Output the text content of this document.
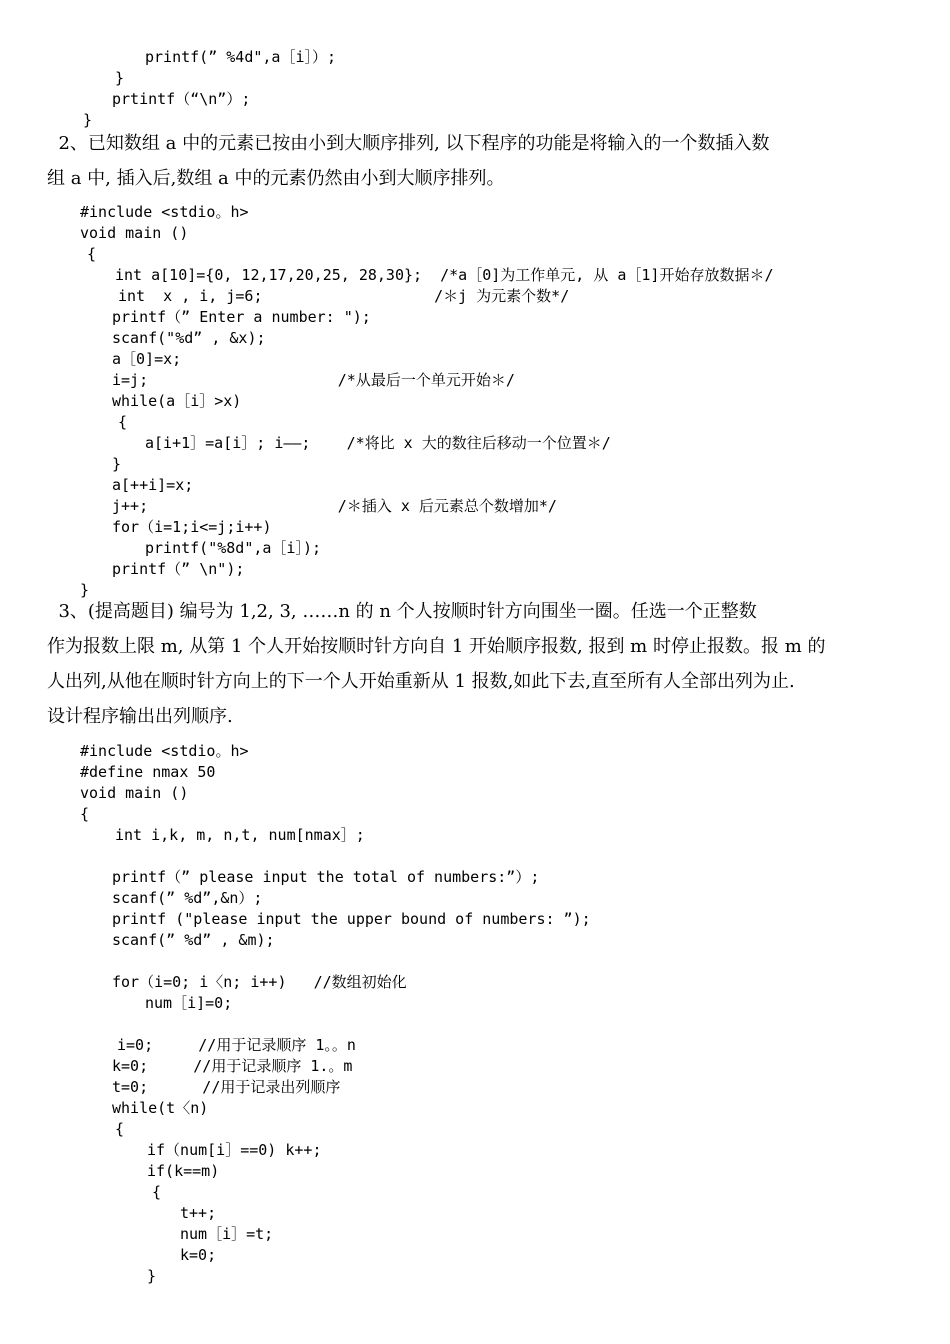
printf(” %4d",a［i］）;
}
prtintf（“\n”）;
}
2、已知数组 a 中的元素已按由小到大顺序排列, 以下程序的功能是将输入的一个数插入数
组 a 中, 插入后,数组 a 中的元素仍然由小到大顺序排列。
#include <stdio。h>
void main ()
{
int a[10]={0, 12,17,20,25, 28,30};  /*a［0]为工作单元, 从 a［1]开始存放数据＊/
int  x , i, j=6;                   /＊j 为元素个数*/
printf（” Enter a number: ");
scanf("%d” , &x);
a［0]=x;
i=j;                     /*从最后一个单元开始＊/
while(a［i］>x)
{
a[i+1］=a[i］; i——;    /*将比 x 大的数往后移动一个位置＊/
}
a[++i]=x;
j++;                     /＊插入 x 后元素总个数增加*/
for（i=1;i<=j;i++)
printf("%8d",a［i］);
printf（” \n");
}
3、(提高题目) 编号为 1,2, 3, ……n 的 n 个人按顺时针方向围坐一圈。任选一个正整数
作为报数上限 m, 从第 1 个人开始按顺时针方向自 1 开始顺序报数, 报到 m 时停止报数。报 m 的
人出列,从他在顺时针方向上的下一个人开始重新从 1 报数,如此下去,直至所有人全部出列为止.
设计程序输出出列顺序.
#include <stdio。h>
#define nmax 50
void main ()
{
int i,k, m, n,t, num[nmax］;
printf（” please input the total of numbers:”）;
scanf(” %d”,&n）;
printf ("please input the upper bound of numbers: ”);
scanf(” %d” , &m);
for（i=0; i〈n; i++)   //数组初始化
num［i]=0;
i=0;     //用于记录顺序 1。。n
k=0;     //用于记录顺序 1.。m
t=0;      //用于记录出列顺序
while(t〈n)
{
if（num[i］==0) k++;
if(k==m)
{
t++;
num［i］=t;
k=0;
}
